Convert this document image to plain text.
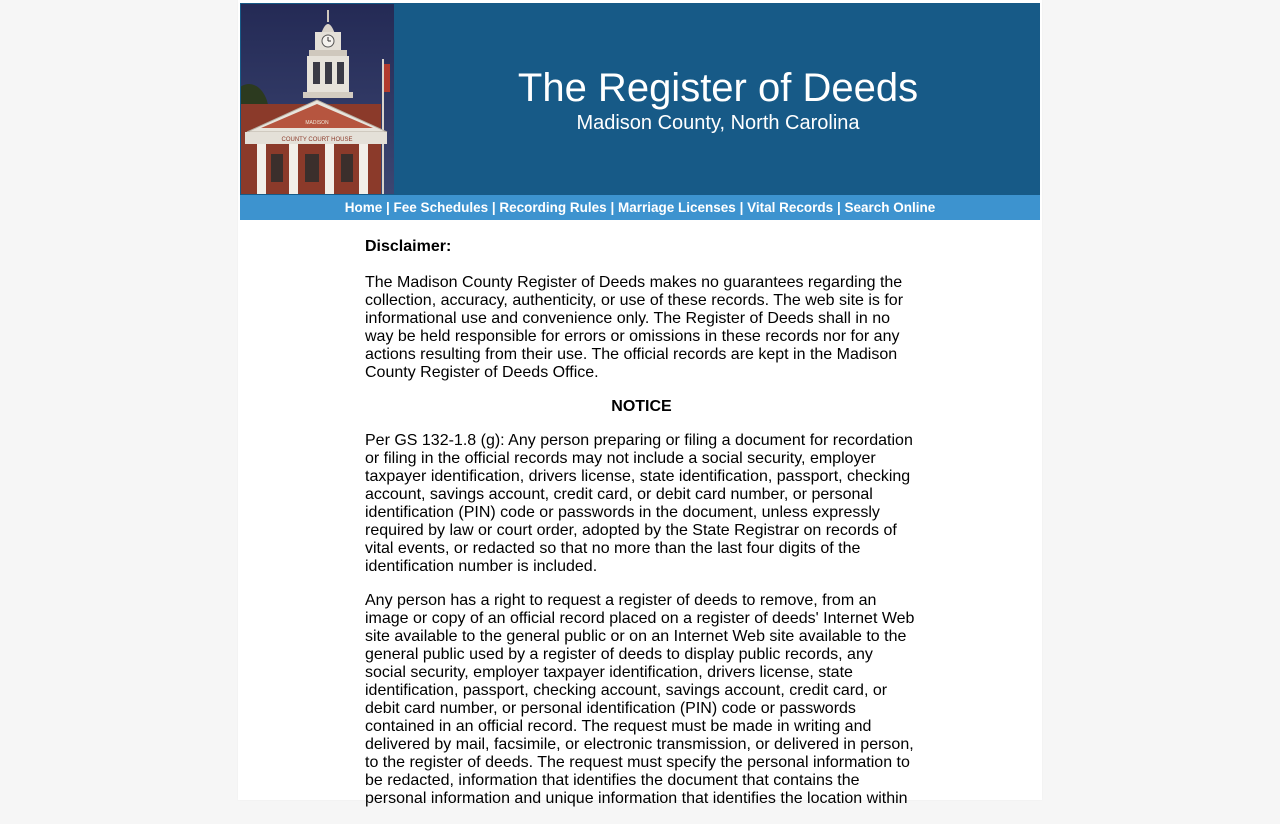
MADISON
COUNTY COURT HOUSE
The Register of Deeds
Madison County, North Carolina
Home | Fee Schedules | Recording Rules | Marriage Licenses | Vital Records | Search Online
Disclaimer:

The Madison County Register of Deeds makes no guarantees regarding the collection, accuracy, authenticity, or use of these records. The web site is for informational use and convenience only. The Register of Deeds shall in no way be held responsible for errors or omissions in these records nor for any actions resulting from their use. The official records are kept in the Madison County Register of Deeds Office.

NOTICE

Per GS 132-1.8 (g): Any person preparing or filing a document for recordation or filing in the official records may not include a social security, employer taxpayer identification, drivers license, state identification, passport, checking account, savings account, credit card, or debit card number, or personal identification (PIN) code or passwords in the document, unless expressly required by law or court order, adopted by the State Registrar on records of vital events, or redacted so that no more than the last four digits of the identification number is included.

Any person has a right to request a register of deeds to remove, from an image or copy of an official record placed on a register of deeds' Internet Web site available to the general public or on an Internet Web site available to the general public used by a register of deeds to display public records, any social security, employer taxpayer identification, drivers license, state identification, passport, checking account, savings account, credit card, or debit card number, or personal identification (PIN) code or passwords contained in an official record. The request must be made in writing and delivered by mail, facsimile, or electronic transmission, or delivered in person, to the register of deeds. The request must specify the personal information to be redacted, information that identifies the document that contains the personal information and unique information that identifies the location within
